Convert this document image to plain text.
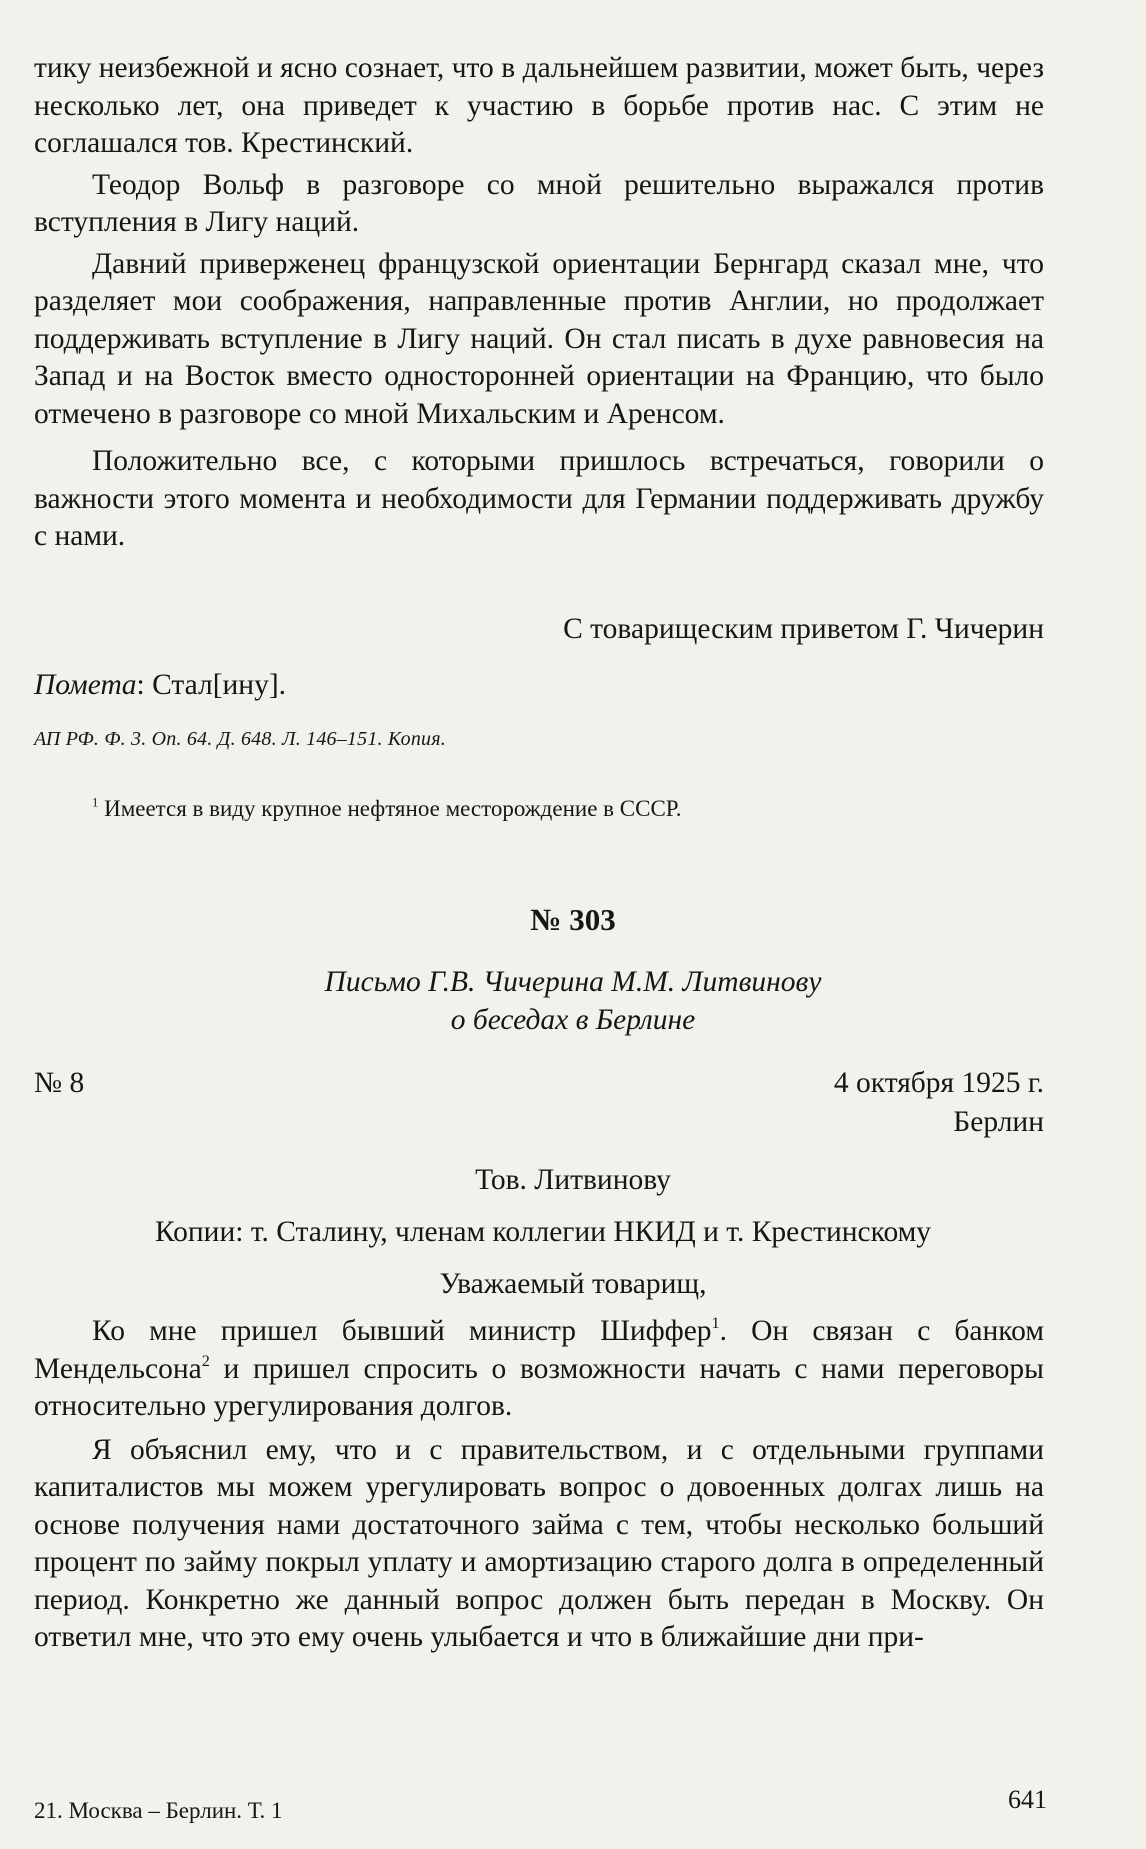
тику неизбежной и ясно сознает, что в дальнейшем развитии, может быть, через несколько лет, она приведет к участию в борьбе против нас. С этим не соглашался тов. Крестинский.

Теодор Вольф в разговоре со мной решительно выражался против вступления в Лигу наций.

Давний приверженец французской ориентации Бернгард сказал мне, что разделяет мои соображения, направленные против Англии, но продолжает поддерживать вступление в Лигу наций. Он стал писать в духе равновесия на Запад и на Восток вместо односторонней ориентации на Францию, что было отмечено в разговоре со мной Михальским и Аренсом.

Положительно все, с которыми пришлось встречаться, говорили о важности этого момента и необходимости для Германии поддерживать дружбу с нами.

С товарищеским приветом Г. Чичерин
Пометa: Стал[ину].
АП РФ. Ф. 3. Оп. 64. Д. 648. Л. 146–151. Копия.
$^1$ Имеется в виду крупное нефтяное месторождение в СССР.
№ 303
Письмо Г.В. Чичерина М.М. Литвинову
о беседах в Берлине
№ 8	4 октября 1925 г.
Берлин
Тов. Литвинову
Копии: т. Сталину, членам коллегии НКИД и т. Крестинскому
Уважаемый товарищ,

Ко мне пришел бывший министр Шиффер$^1$. Он связан с банком Мендельсона$^2$ и пришел спросить о возможности начать с нами переговоры относительно урегулирования долгов.

Я объяснил ему, что и с правительством, и с отдельными группами капиталистов мы можем урегулировать вопрос о довоенных долгах лишь на основе получения нами достаточного займа с тем, чтобы несколько больший процент по займу покрыл уплату и амортизацию старого долга в определенный период. Конкретно же данный вопрос должен быть передан в Москву. Он ответил мне, что это ему очень улыбается и что в ближайшие дни при-

21. Москва – Берлин. Т. 1	641
